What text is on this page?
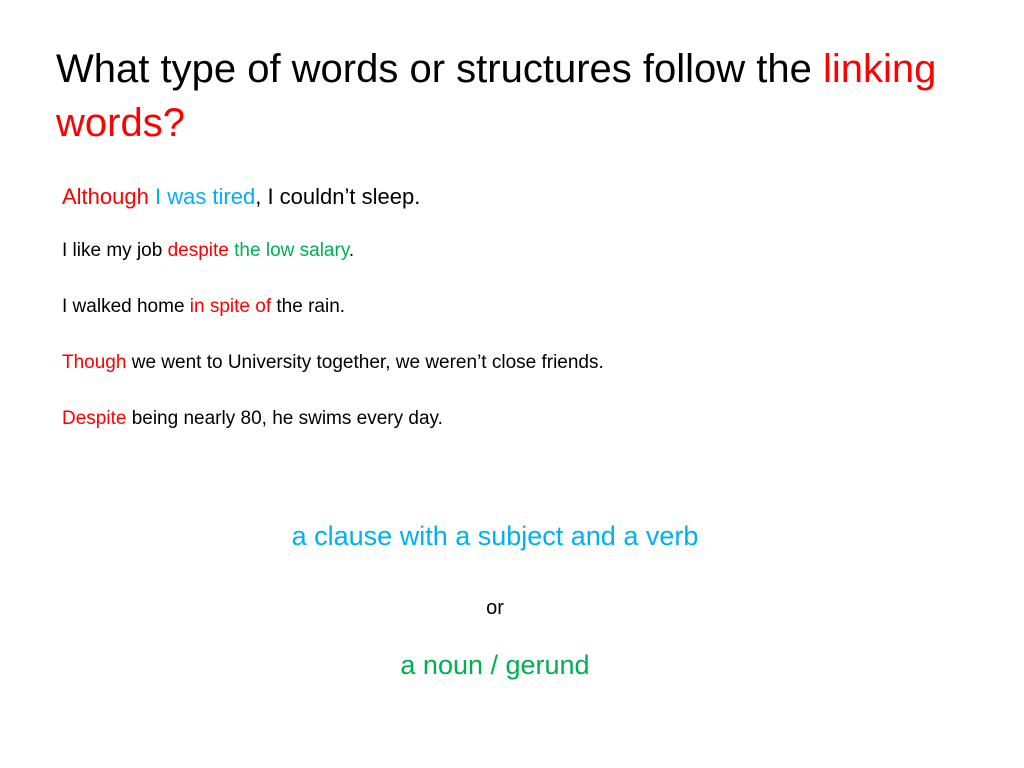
What type of words or structures follow the linking words?

Although I was tired, I couldn’t sleep.

I like my job despite the low salary.

I walked home in spite of the rain.

Though we went to University together, we weren’t close friends.

Despite being nearly 80, he swims every day.

a clause with a subject and a verb

or

a noun / gerund
